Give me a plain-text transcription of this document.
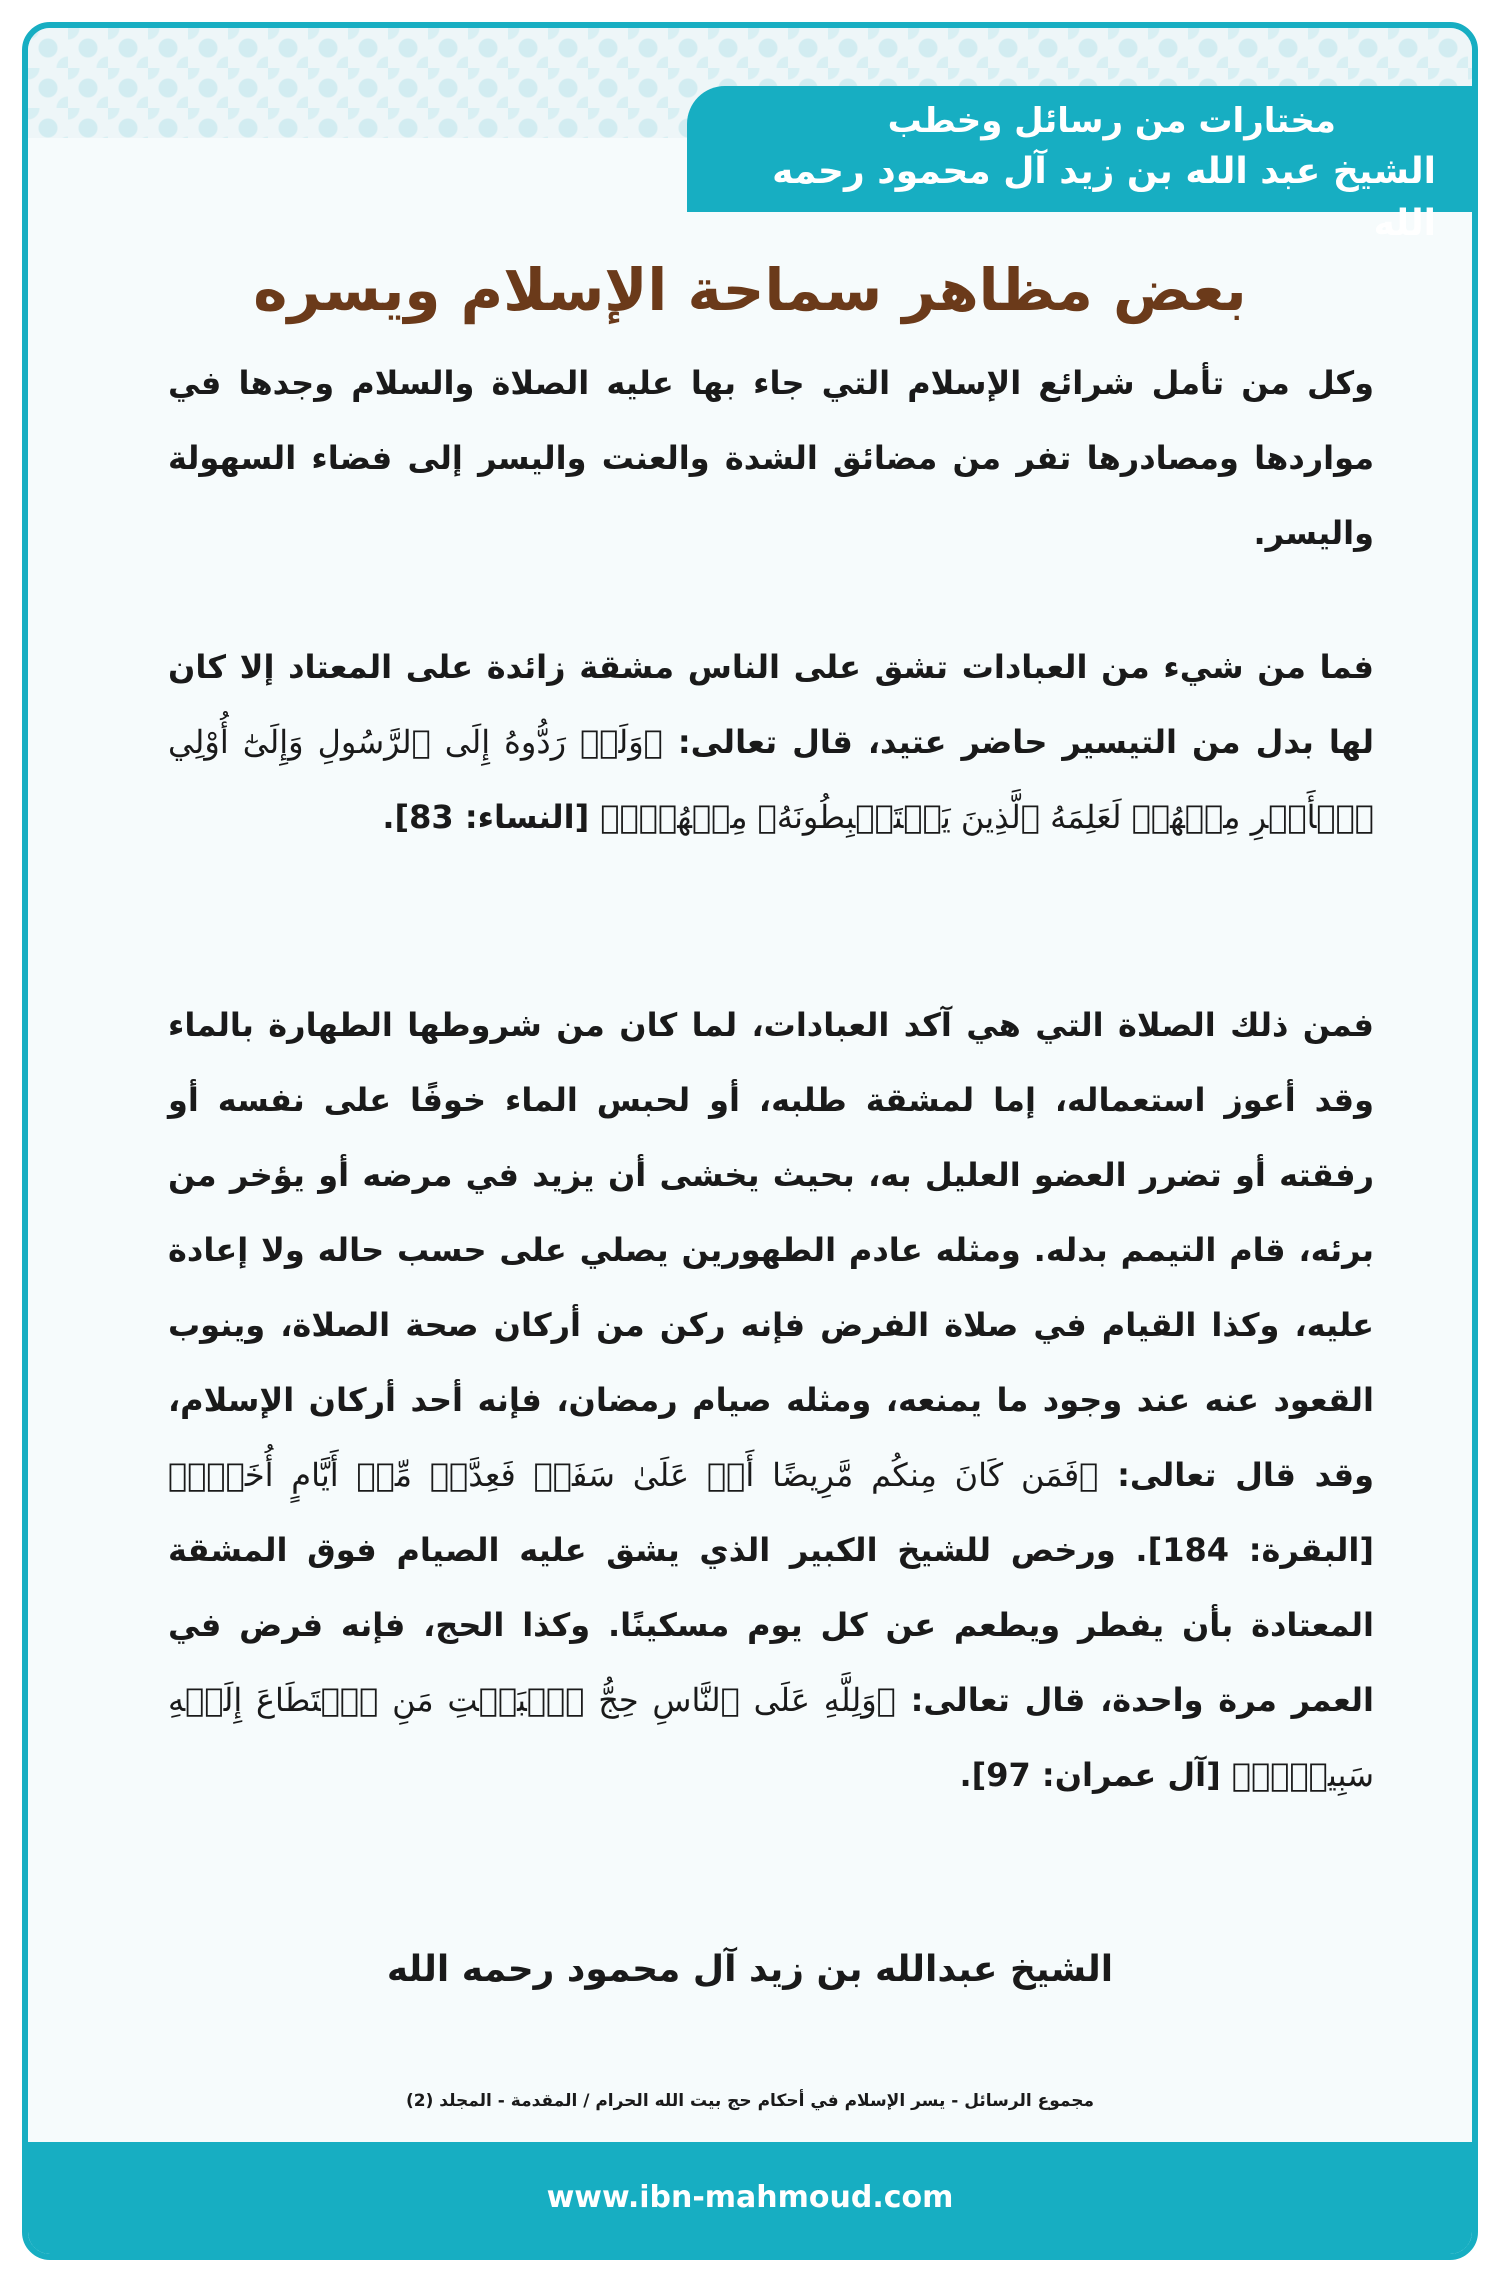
مختارات من رسائل وخطب
الشيخ عبد الله بن زيد آل محمود رحمه الله
بعض مظاهر سماحة الإسلام ويسره
وكل من تأمل شرائع الإسلام التي جاء بها عليه الصلاة والسلام وجدها في مواردها ومصادرها تفر من مضائق الشدة والعنت واليسر إلى فضاء السهولة واليسر.
فما من شيء من العبادات تشق على الناس مشقة زائدة على المعتاد إلا كان لها بدل من التيسير حاضر عتيد، قال تعالى: ﴿وَلَوۡ رَدُّوهُ إِلَى ٱلرَّسُولِ وَإِلَىٰٓ أُوْلِي ٱلۡأَمۡرِ مِنۡهُمۡ لَعَلِمَهُ ٱلَّذِينَ يَسۡتَنۢبِطُونَهُۥ مِنۡهُمۡۗ﴾ [النساء: 83].
فمن ذلك الصلاة التي هي آكد العبادات، لما كان من شروطها الطهارة بالماء وقد أعوز استعماله، إما لمشقة طلبه، أو لحبس الماء خوفًا على نفسه أو رفقته أو تضرر العضو العليل به، بحيث يخشى أن يزيد في مرضه أو يؤخر من برئه، قام التيمم بدله. ومثله عادم الطهورين يصلي على حسب حاله ولا إعادة عليه، وكذا القيام في صلاة الفرض فإنه ركن من أركان صحة الصلاة، وينوب القعود عنه عند وجود ما يمنعه، ومثله صيام رمضان، فإنه أحد أركان الإسلام، وقد قال تعالى: ﴿فَمَن كَانَ مِنكُم مَّرِيضًا أَوۡ عَلَىٰ سَفَرٖ فَعِدَّةٞ مِّنۡ أَيَّامٍ أُخَرَۚ﴾ [البقرة: 184]. ورخص للشيخ الكبير الذي يشق عليه الصيام فوق المشقة المعتادة بأن يفطر ويطعم عن كل يوم مسكينًا. وكذا الحج، فإنه فرض في العمر مرة واحدة، قال تعالى: ﴿وَلِلَّهِ عَلَى ٱلنَّاسِ حِجُّ ٱلۡبَيۡتِ مَنِ ٱسۡتَطَاعَ إِلَيۡهِ سَبِيلٗاۚ﴾ [آل عمران: 97].
الشيخ عبدالله بن زيد آل محمود رحمه الله
مجموع الرسائل - يسر الإسلام في أحكام حج بيت الله الحرام / المقدمة - المجلد (2)
www.ibn-mahmoud.com
